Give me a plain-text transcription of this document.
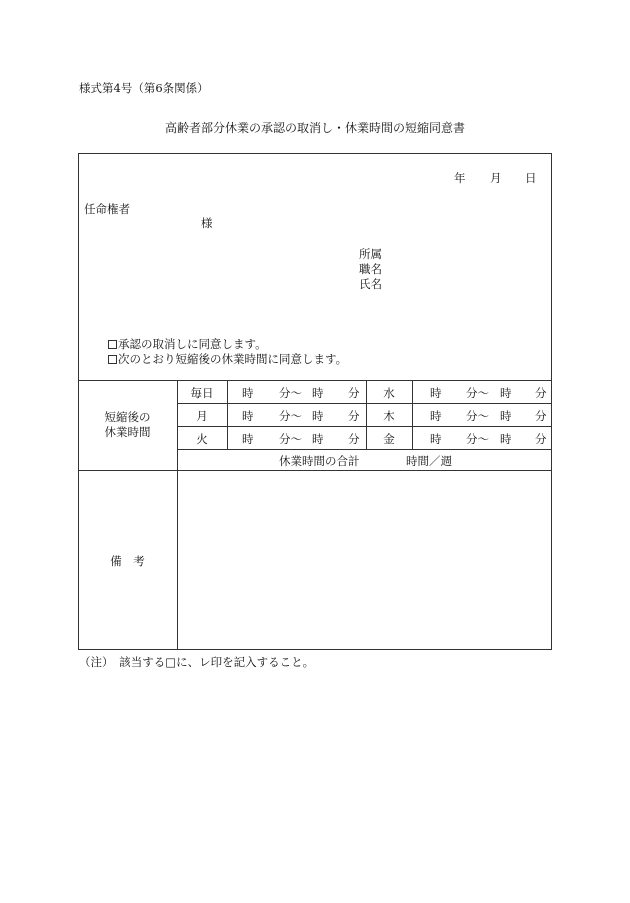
様式第4号（第6条関係）
高齢者部分休業の承認の取消し・休業時間の短縮同意書
年 月 日
任命権者
様
所属
職名
氏名
承認の取消しに同意します。
次のとおり短縮後の休業時間に同意します。
短縮後の
休業時間
毎日	時 分～ 時 分	水	時 分～ 時 分
月	時 分～ 時 分	木	時 分～ 時 分
火	時 分～ 時 分	金	時 分～ 時 分
休業時間の合計	時間／週
備　考
（注）　該当する□に、レ印を記入すること。
